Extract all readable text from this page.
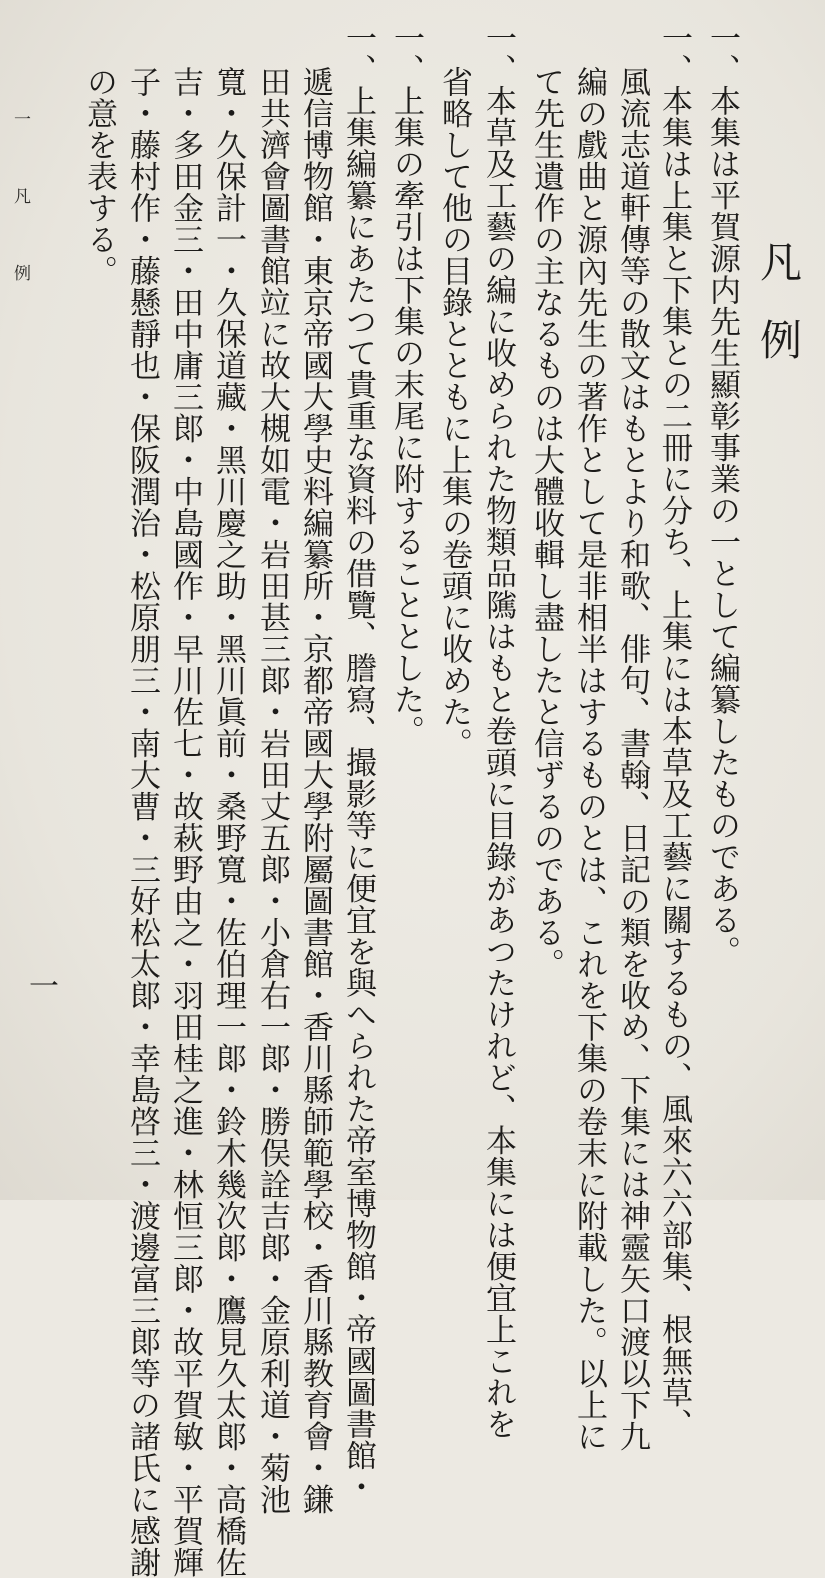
凡例
一、本集は平賀源内先生顯彰事業の一として編纂したものである。
一、本集は上集と下集との二冊に分ち、上集には本草及工藝に關するもの、風來六六部集、根無草、
風流志道軒傳等の散文はもとより和歌、俳句、書翰、日記の類を收め、下集には神靈矢口渡以下九
編の戲曲と源內先生の著作として是非相半はするものとは、これを下集の卷末に附載した。以上に
て先生遺作の主なるものは大體收輯し盡したと信ずるのである。
一、本草及工藝の編に收められた物類品隲はもと卷頭に目錄があつたけれど、本集には便宜上これを
省略して他の目錄とともに上集の卷頭に收めた。
一、上集の牽引は下集の末尾に附することとした。
一、上集編纂にあたつて貴重な資料の借覽、謄寫、撮影等に便宜を與へられた帝室博物館・帝國圖書館・
遞信博物館・東京帝國大學史料編纂所・京都帝國大學附屬圖書館・香川縣師範學校・香川縣教育會・鎌
田共濟會圖書館竝に故大槻如電・岩田甚三郞・岩田丈五郞・小倉右一郞・勝俣詮吉郞・金原利道・菊池
寬・久保計一・久保道藏・黑川慶之助・黑川眞前・桑野寬・佐伯理一郞・鈴木幾次郞・鷹見久太郞・高橋佐
吉・多田金三・田中庸三郞・中島國作・早川佐七・故萩野由之・羽田桂之進・林恒三郞・故平賀敏・平賀輝
子・藤村作・藤懸靜也・保阪潤治・松原朋三・南大曹・三好松太郞・幸島啓三・渡邊富三郞等の諸氏に感謝
の意を表する。
一 凡 例
一
